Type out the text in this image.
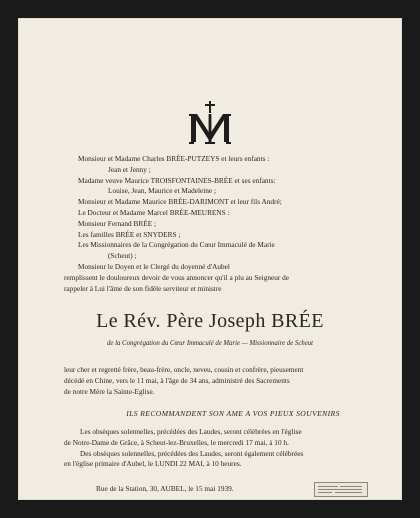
Monsieur et Madame Charles BRÉE-PUTZEYS et leurs enfants :
Jean et Jenny ;
Madame veuve Maurice TROISFONTAINES-BRÉE et ses enfants:
Louise, Jean, Maurice et Madeleine ;
Monsieur et Madame Maurice BRÉE-DARIMONT et leur fils André;
Le Docteur et Madame Marcel BRÉE-MEURENS :
Monsieur Fernand BRÉE ;
Les familles BRÉE et SNYDERS ;
Les Missionnaires de la Congrégation du Cœur Immaculé de Marie
(Scheut) ;
Monsieur le Doyen et le Clergé du doyenné d'Aubel
remplissent le douloureux devoir de vous annoncer qu'il a plu au Seigneur de
rappeler à Lui l'âme de son fidèle serviteur et ministre
Le Rév. Père Joseph BRÉE
de la Congrégation du Cœur Immaculé de Marie — Missionnaire de Scheut
leur cher et regretté frère, beau-frère, oncle, neveu, cousin et confrère, pieusement
décédé en Chine, vers le 11 mai, à l'âge de 34 ans, administré des Sacrements
de notre Mère la Sainte-Eglise.
ILS RECOMMANDENT SON AME A VOS PIEUX SOUVENIRS
Les obsèques solennelles, précédées des Laudes, seront célébrées en l'église
de Notre-Dame de Grâce, à Scheut-lez-Bruxelles, le mercredi 17 mai, à 10 h.
Des obsèques solennelles, précédées des Laudes, seront également célébrées
en l'église primaire d'Aubel, le LUNDI 22 MAI, à 10 heures.
Rue de la Station, 30, AUBEL, le 15 mai 1939.
